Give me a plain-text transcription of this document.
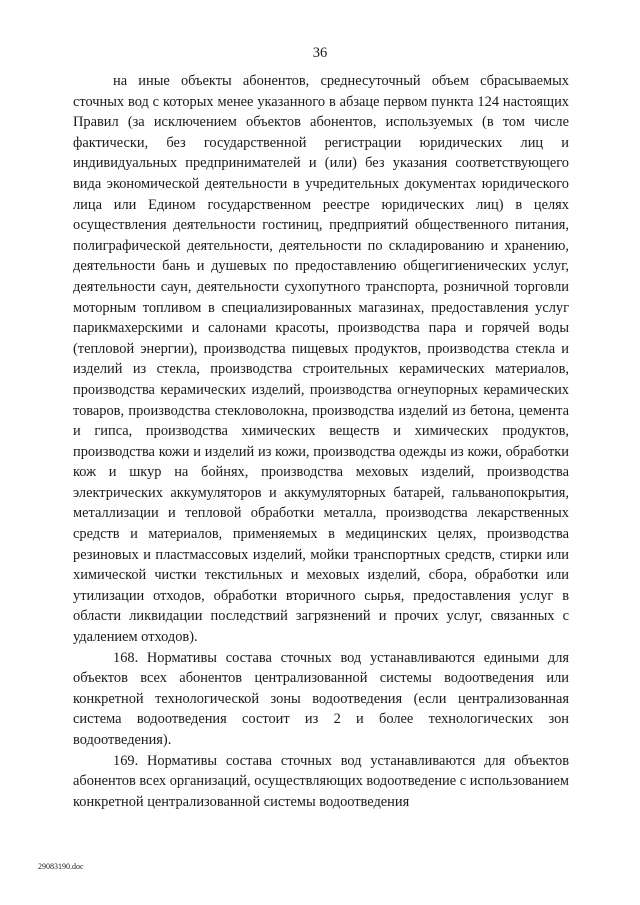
36

на иные объекты абонентов, среднесуточный объем сбрасываемых сточных вод с которых менее указанного в абзаце первом пункта 124 настоящих Правил (за исключением объектов абонентов, используемых (в том числе фактически, без государственной регистрации юридических лиц и индивидуальных предпринимателей и (или) без указания соответствующего вида экономической деятельности в учредительных документах юридического лица или Едином государственном реестре юридических лиц) в целях осуществления деятельности гостиниц, предприятий общественного питания, полиграфической деятельности, деятельности по складированию и хранению, деятельности бань и душевых по предоставлению общегигиенических услуг, деятельности саун, деятельности сухопутного транспорта, розничной торговли моторным топливом в специализированных магазинах, предоставления услуг парикмахерскими и салонами красоты, производства пара и горячей воды (тепловой энергии), производства пищевых продуктов, производства стекла и изделий из стекла, производства строительных керамических материалов, производства керамических изделий, производства огнеупорных керамических товаров, производства стекловолокна, производства изделий из бетона, цемента и гипса, производства химических веществ и химических продуктов, производства кожи и изделий из кожи, производства одежды из кожи, обработки кож и шкур на бойнях, производства меховых изделий, производства электрических аккумуляторов и аккумуляторных батарей, гальванопокрытия, металлизации и тепловой обработки металла, производства лекарственных средств и материалов, применяемых в медицинских целях, производства резиновых и пластмассовых изделий, мойки транспортных средств, стирки или химической чистки текстильных и меховых изделий, сбора, обработки или утилизации отходов, обработки вторичного сырья, предоставления услуг в области ликвидации последствий загрязнений и прочих услуг, связанных с удалением отходов).

168. Нормативы состава сточных вод устанавливаются едиными для объектов всех абонентов централизованной системы водоотведения или конкретной технологической зоны водоотведения (если централизованная система водоотведения состоит из 2 и более технологических зон водоотведения).

169. Нормативы состава сточных вод устанавливаются для объектов абонентов всех организаций, осуществляющих водоотведение с использованием конкретной централизованной системы водоотведения

29083190.doc
